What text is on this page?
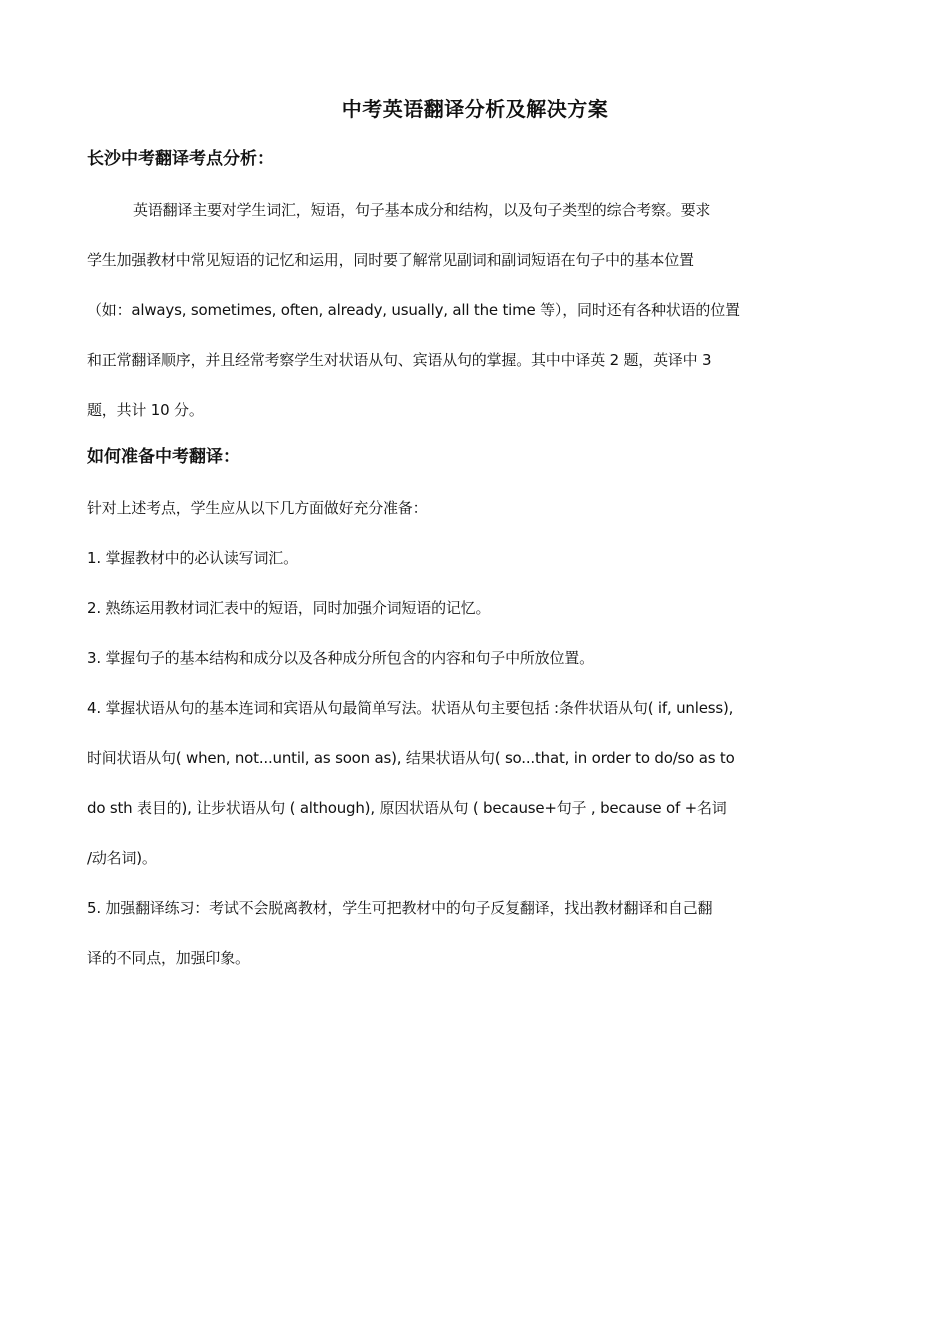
中考英语翻译分析及解决方案
长沙中考翻译考点分析：
英语翻译主要对学生词汇，短语，句子基本成分和结构，以及句子类型的综合考察。要求
学生加强教材中常见短语的记忆和运用，同时要了解常见副词和副词短语在句子中的基本位置
（如：always, sometimes, often, already, usually, all the time 等），同时还有各种状语的位置
和正常翻译顺序，并且经常考察学生对状语从句、宾语从句的掌握。其中中译英 2 题，英译中 3
题，共计 10 分。
如何准备中考翻译：
针对上述考点，学生应从以下几方面做好充分准备：
1. 掌握教材中的必认读写词汇。
2. 熟练运用教材词汇表中的短语，同时加强介词短语的记忆。
3. 掌握句子的基本结构和成分以及各种成分所包含的内容和句子中所放位置。
4. 掌握状语从句的基本连词和宾语从句最简单写法。状语从句主要包括 :条件状语从句( if, unless),
时间状语从句( when, not...until, as soon as), 结果状语从句( so...that, in order to do/so as to
do sth 表目的), 让步状语从句 ( although), 原因状语从句 ( because+句子 , because of +名词
/动名词)。
5. 加强翻译练习：考试不会脱离教材，学生可把教材中的句子反复翻译，找出教材翻译和自己翻
译的不同点，加强印象。
